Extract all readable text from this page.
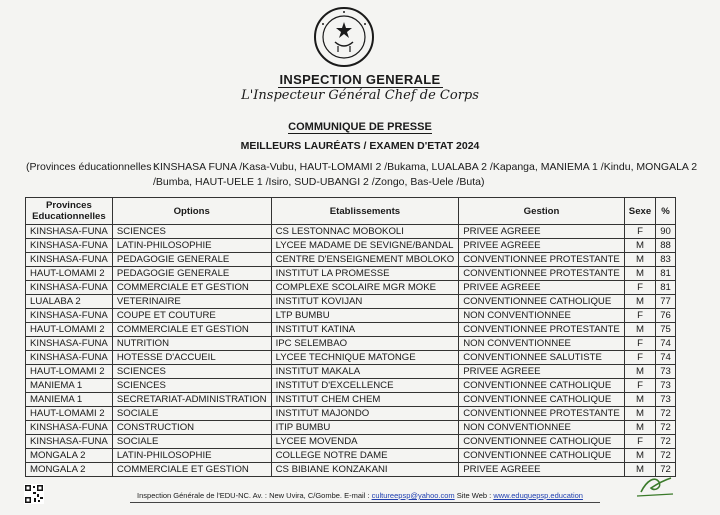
INSPECTION GENERALE
L'Inspecteur Général Chef de Corps
COMMUNIQUE DE PRESSE
MEILLEURS LAURÉATS / EXAMEN D'ETAT 2024
(Provinces éducationnelles :
KINSHASA FUNA /Kasa-Vubu, HAUT-LOMAMI 2 /Bukama, LUALABA 2 /Kapanga, MANIEMA 1 /Kindu, MONGALA 2 /Bumba, HAUT-UELE 1 /Isiro, SUD-UBANGI 2 /Zongo, Bas-Uele /Buta)
Provinces Educationnelles	Options	Etablissements	Gestion	Sexe	%
KINSHASA-FUNA	SCIENCES	CS LESTONNAC MOBOKOLI	PRIVEE AGREEE	F	90
KINSHASA-FUNA	LATIN-PHILOSOPHIE	LYCEE MADAME DE SEVIGNE/BANDAL	PRIVEE AGREEE	M	88
KINSHASA-FUNA	PEDAGOGIE GENERALE	CENTRE D'ENSEIGNEMENT MBOLOKO	CONVENTIONNEE PROTESTANTE	M	83
HAUT-LOMAMI 2	PEDAGOGIE GENERALE	INSTITUT LA PROMESSE	CONVENTIONNEE PROTESTANTE	M	81
KINSHASA-FUNA	COMMERCIALE ET GESTION	COMPLEXE SCOLAIRE MGR MOKE	PRIVEE AGREEE	F	81
LUALABA 2	VETERINAIRE	INSTITUT KOVIJAN	CONVENTIONNEE CATHOLIQUE	M	77
KINSHASA-FUNA	COUPE ET COUTURE	LTP BUMBU	NON CONVENTIONNEE	F	76
HAUT-LOMAMI 2	COMMERCIALE ET GESTION	INSTITUT KATINA	CONVENTIONNEE PROTESTANTE	M	75
KINSHASA-FUNA	NUTRITION	IPC SELEMBAO	NON CONVENTIONNEE	F	74
KINSHASA-FUNA	HOTESSE D'ACCUEIL	LYCEE TECHNIQUE MATONGE	CONVENTIONNEE SALUTISTE	F	74
HAUT-LOMAMI 2	SCIENCES	INSTITUT MAKALA	PRIVEE AGREEE	M	73
MANIEMA 1	SCIENCES	INSTITUT D'EXCELLENCE	CONVENTIONNEE CATHOLIQUE	F	73
MANIEMA 1	SECRETARIAT-ADMINISTRATION	INSTITUT CHEM CHEM	CONVENTIONNEE CATHOLIQUE	M	73
HAUT-LOMAMI 2	SOCIALE	INSTITUT MAJONDO	CONVENTIONNEE PROTESTANTE	M	72
KINSHASA-FUNA	CONSTRUCTION	ITIP BUMBU	NON CONVENTIONNEE	M	72
KINSHASA-FUNA	SOCIALE	LYCEE MOVENDA	CONVENTIONNEE CATHOLIQUE	F	72
MONGALA 2	LATIN-PHILOSOPHIE	COLLEGE NOTRE DAME	CONVENTIONNEE CATHOLIQUE	M	72
MONGALA 2	COMMERCIALE ET GESTION	CS BIBIANE KONZAKANI	PRIVEE AGREEE	M	72
Inspection Générale de l'EDU-NC. Av. : New Uvira, C/Gombe. E-mail : cultureepsp@yahoo.com Site Web : www.eduquepsp.education
